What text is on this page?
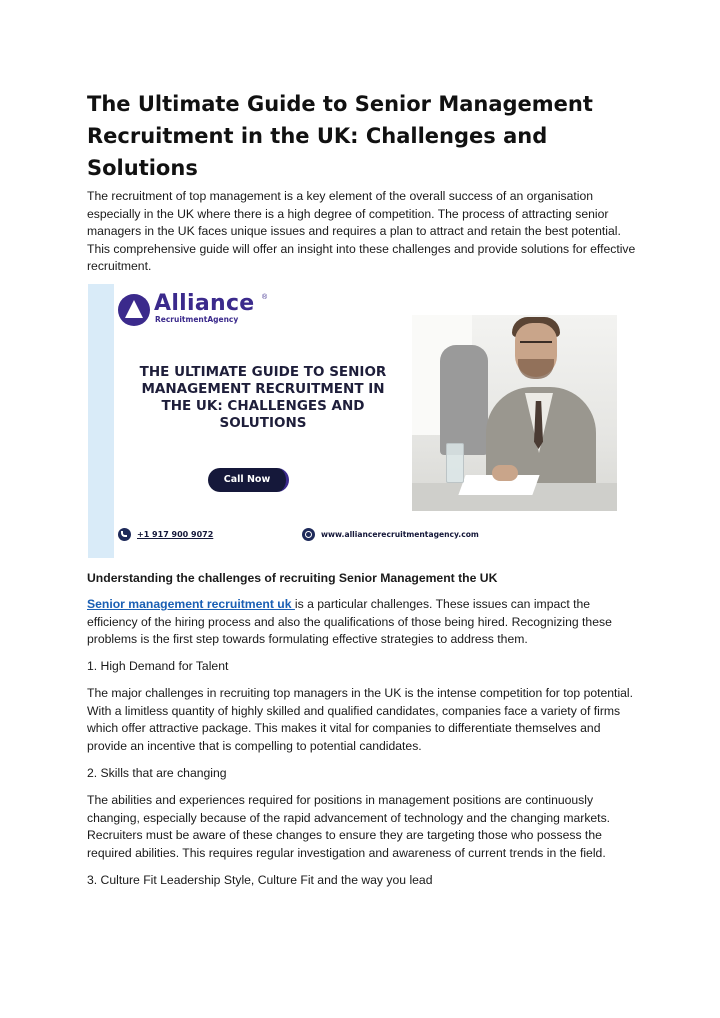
The Ultimate Guide to Senior Management
Recruitment in the UK: Challenges and Solutions

The recruitment of top management is a key element of the overall success of an organisation especially in the UK where there is a high degree of competition. The process of attracting senior managers in the UK faces unique issues and requires a plan to attract and retain the best potential. This comprehensive guide will offer an insight into these challenges and provide solutions for effective recruitment.

Alliance
RecruitmentAgency
®

THE ULTIMATE GUIDE TO SENIOR
MANAGEMENT RECRUITMENT IN
THE UK: CHALLENGES AND
SOLUTIONS

Call Now
+1 917 900 9072	www.alliancerecruitmentagency.com

Understanding the challenges of recruiting Senior Management the UK

Senior management recruitment uk is a particular challenges. These issues can impact the efficiency of the hiring process and also the qualifications of those being hired. Recognizing these problems is the first step towards formulating effective strategies to address them.

1. High Demand for Talent

The major challenges in recruiting top managers in the UK is the intense competition for top potential. With a limitless quantity of highly skilled and qualified candidates, companies face a variety of firms which offer attractive package. This makes it vital for companies to differentiate themselves and provide an incentive that is compelling to potential candidates.

2. Skills that are changing

The abilities and experiences required for positions in management positions are continuously changing, especially because of the rapid advancement of technology and the changing markets. Recruiters must be aware of these changes to ensure they are targeting those who possess the required abilities. This requires regular investigation and awareness of current trends in the field.

3. Culture Fit Leadership Style, Culture Fit and the way you lead
